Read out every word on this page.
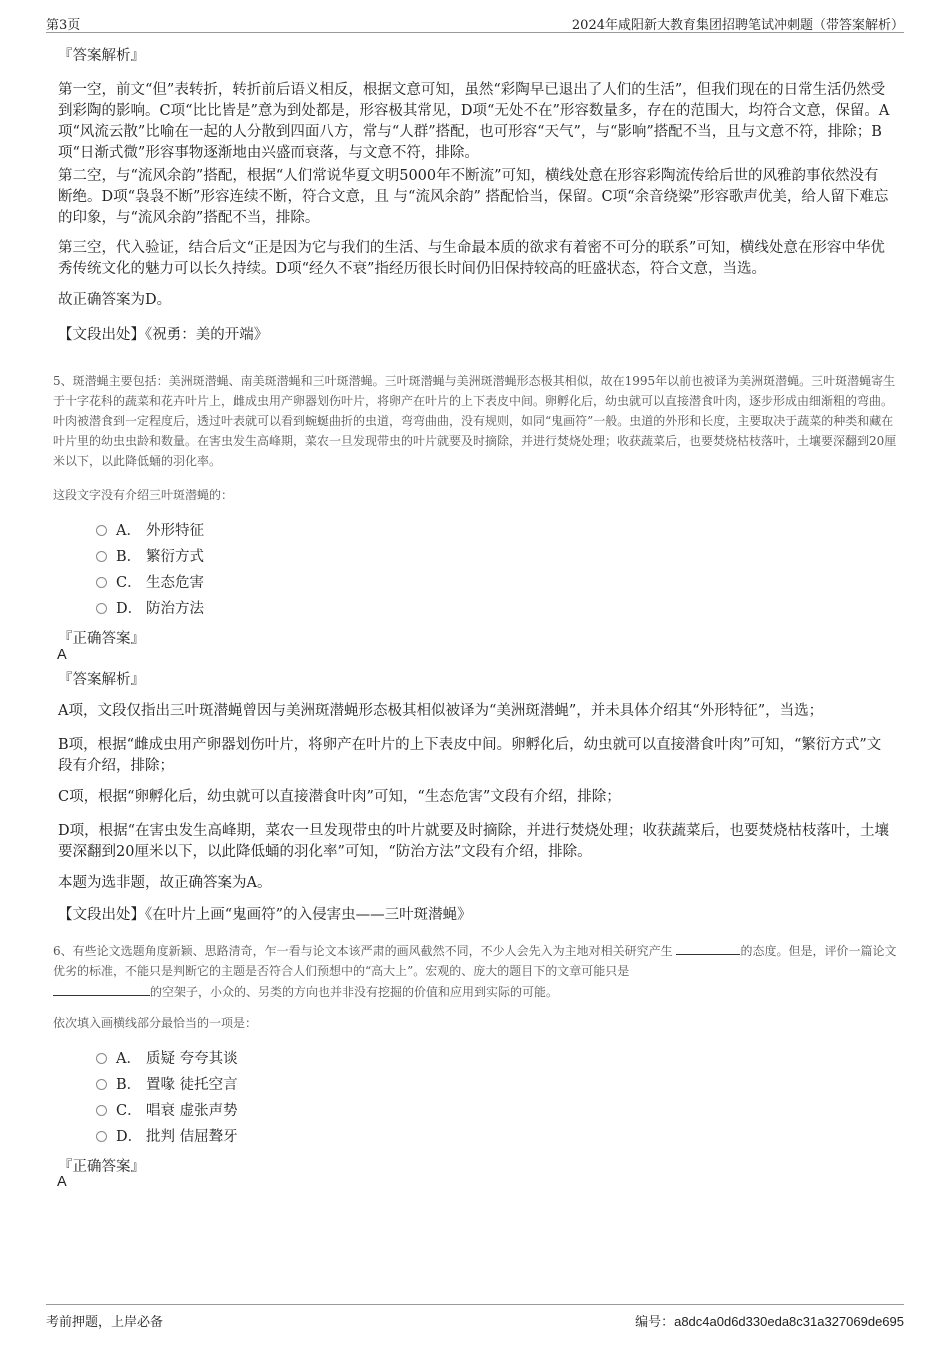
第3页	2024年咸阳新大教育集团招聘笔试冲刺题（带答案解析）
『答案解析』
第一空，前文“但”表转折，转折前后语义相反，根据文意可知，虽然“彩陶早已退出了人们的生活”，但我们现在的日常生活仍然受到彩陶的影响。C项“比比皆是”意为到处都是，形容极其常见，D项“无处不在”形容数量多，存在的范围大，均符合文意，保留。A项“风流云散”比喻在一起的人分散到四面八方，常与“人群”搭配，也可形容“天气”，与“影响”搭配不当，且与文意不符，排除；B项“日渐式微”形容事物逐渐地由兴盛而衰落，与文意不符，排除。
第二空，与“流风余韵”搭配，根据“人们常说华夏文明5000年不断流”可知，横线处意在形容彩陶流传给后世的风雅韵事依然没有断绝。D项“袅袅不断”形容连续不断，符合文意，且 与“流风余韵” 搭配恰当，保留。C项“余音绕梁”形容歌声优美，给人留下难忘的印象，与“流风余韵”搭配不当，排除。
第三空，代入验证，结合后文“正是因为它与我们的生活、与生命最本质的欲求有着密不可分的联系”可知，横线处意在形容中华优秀传统文化的魅力可以长久持续。D项“经久不衰”指经历很长时间仍旧保持较高的旺盛状态，符合文意，当选。
故正确答案为D。
【文段出处】《祝勇：美的开端》
5、斑潜蝇主要包括：美洲斑潜蝇、南美斑潜蝇和三叶斑潜蝇。三叶斑潜蝇与美洲斑潜蝇形态极其相似，故在1995年以前也被译为美洲斑潜蝇。三叶斑潜蝇寄生于十字花科的蔬菜和花卉叶片上，雌成虫用产卵器划伤叶片，将卵产在叶片的上下表皮中间。卵孵化后，幼虫就可以直接潜食叶肉，逐步形成由细渐粗的弯曲。叶肉被潜食到一定程度后，透过叶表就可以看到蜿蜒曲折的虫道，弯弯曲曲，没有规则，如同“鬼画符”一般。虫道的外形和长度，主要取决于蔬菜的种类和藏在叶片里的幼虫虫龄和数量。在害虫发生高峰期，菜农一旦发现带虫的叶片就要及时摘除，并进行焚烧处理；收获蔬菜后，也要焚烧枯枝落叶，土壤要深翻到20厘米以下，以此降低蛹的羽化率。
这段文字没有介绍三叶斑潜蝇的：
A． 外形特征
B． 繁衍方式
C． 生态危害
D． 防治方法
『正确答案』
A
『答案解析』
A项，文段仅指出三叶斑潜蝇曾因与美洲斑潜蝇形态极其相似被译为“美洲斑潜蝇”，并未具体介绍其“外形特征”，当选；
B项，根据“雌成虫用产卵器划伤叶片，将卵产在叶片的上下表皮中间。卵孵化后，幼虫就可以直接潜食叶肉”可知，“繁衍方式”文段有介绍，排除；
C项，根据“卵孵化后，幼虫就可以直接潜食叶肉”可知，“生态危害”文段有介绍，排除；
D项，根据“在害虫发生高峰期，菜农一旦发现带虫的叶片就要及时摘除，并进行焚烧处理；收获蔬菜后，也要焚烧枯枝落叶，土壤要深翻到20厘米以下，以此降低蛹的羽化率”可知，“防治方法”文段有介绍，排除。
本题为选非题，故正确答案为A。
【文段出处】《在叶片上画“鬼画符”的入侵害虫——三叶斑潜蝇》
6、有些论文选题角度新颖、思路清奇，乍一看与论文本该严肃的画风截然不同，不少人会先入为主地对相关研究产生	的态度。但是，评价一篇论文优劣的标准，不能只是判断它的主题是否符合人们预想中的“高大上”。宏观的、庞大的题目下的文章可能只是
的空架子，小众的、另类的方向也并非没有挖掘的价值和应用到实际的可能。
依次填入画横线部分最恰当的一项是：
A． 质疑 夸夸其谈
B． 置喙 徒托空言
C． 唱衰 虚张声势
D． 批判 佶屈聱牙
『正确答案』
A
考前押题，上岸必备	编号：a8dc4a0d6d330eda8c31a327069de695
